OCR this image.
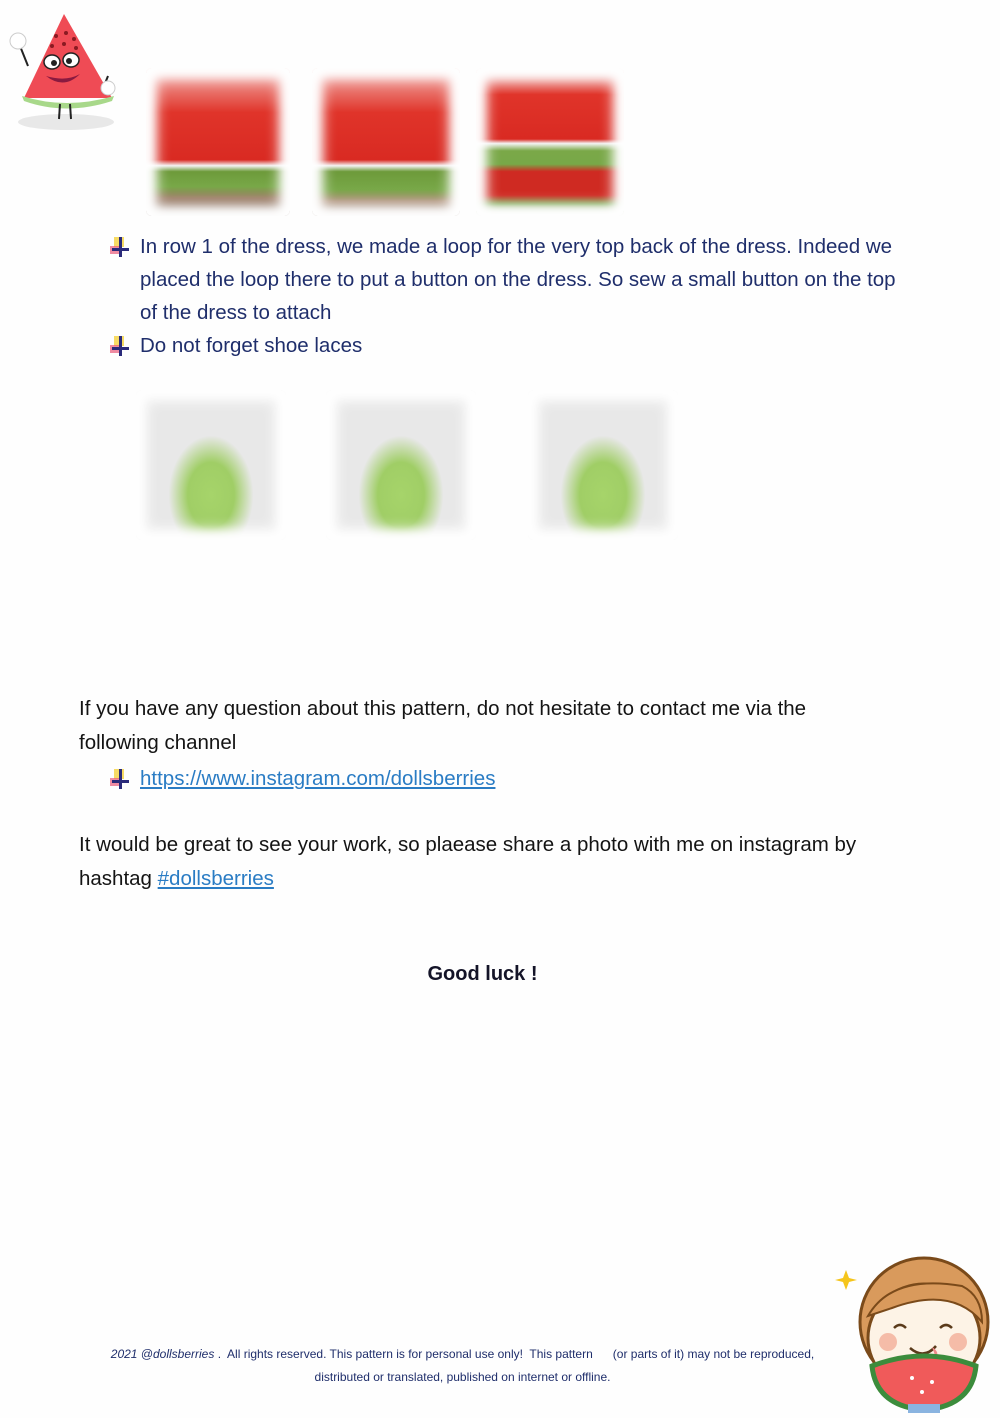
In row 1 of the dress, we made a loop for the very top back of the dress. Indeed we placed the loop there to put a button on the dress. So sew a small button on the top of the dress to attach
Do not forget shoe laces
If you have any question about this pattern, do not hesitate to contact me via the following channel
https://www.instagram.com/dollsberries
It would be great to see your work, so plaease share a photo with me on instagram by hashtag #dollsberries
Good luck !
2021 @dollsberries .  All rights reserved. This pattern is for personal use only!  This pattern      (or parts of it) may not be reproduced,
distributed or translated, published on internet or offline.
